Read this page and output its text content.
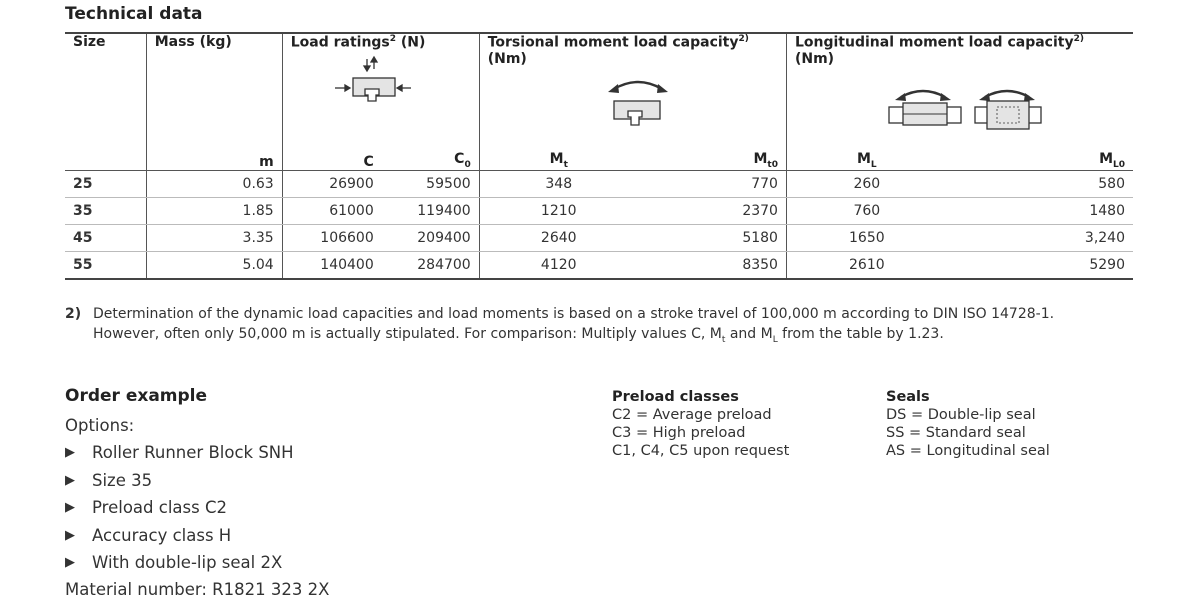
Technical data
Size	Mass (kg)	Load ratings$^2$ (N)		Torsional moment load capacity$^{2)}$ (Nm)		Longitudinal moment load capacity$^{2)}$ (Nm)	

	m	C	$C_0$	$M_t$	$M_{t0}$	$M_L$	$M_{L0}$
25	0.63	26900	59500	348	770	260	580
35	1.85	61000	119400	1210	2370	760	1480
45	3.35	106600	209400	2640	5180	1650	3,240
55	5.04	140400	284700	4120	8350	2610	5290
2) Determination of the dynamic load capacities and load moments is based on a stroke travel of 100,000 m according to DIN ISO 14728-1.
However, often only 50,000 m is actually stipulated. For comparison: Multiply values C, $M_t$ and $M_L$ from the table by 1.23.
Order example
Options:
▶ Roller Runner Block SNH
▶ Size 35
▶ Preload class C2
▶ Accuracy class H
▶ With double-lip seal 2X
Material number: R1821 323 2X
Preload classes
C2 = Average preload
C3 = High preload
C1, C4, C5 upon request
Seals
DS = Double-lip seal
SS = Standard seal
AS = Longitudinal seal
